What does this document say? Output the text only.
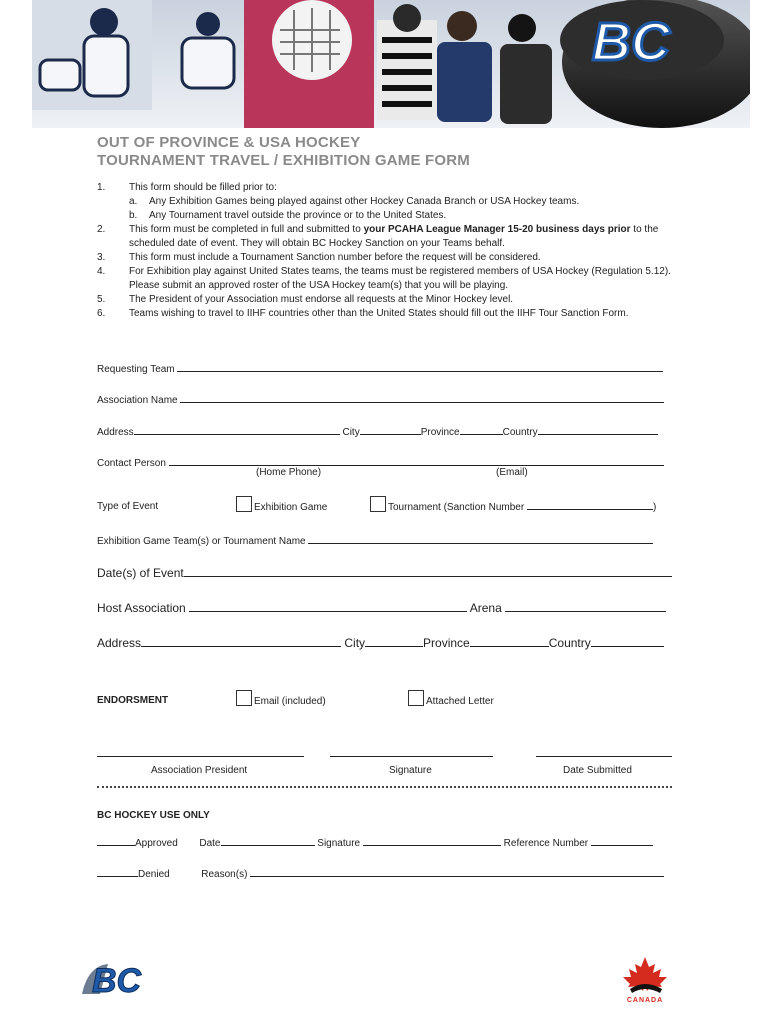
BC
OUT OF PROVINCE & USA HOCKEY
TOURNAMENT TRAVEL / EXHIBITION GAME FORM
1. This form should be filled prior to:
a. Any Exhibition Games being played against other Hockey Canada Branch or USA Hockey teams.
b. Any Tournament travel outside the province or to the United States.
2. This form must be completed in full and submitted to your PCAHA League Manager 15-20 business days prior to the scheduled date of event. They will obtain BC Hockey Sanction on your Teams behalf.
3. This form must include a Tournament Sanction number before the request will be considered.
4. For Exhibition play against United States teams, the teams must be registered members of USA Hockey (Regulation 5.12). Please submit an approved roster of the USA Hockey team(s) that you will be playing.
5. The President of your Association must endorse all requests at the Minor Hockey level.
6. Teams wishing to travel to IIHF countries other than the United States should fill out the IIHF Tour Sanction Form.
Requesting Team
Association Name
Address	City	Province	Country
Contact Person
(Home Phone)	(Email)
Type of Event	Exhibition Game	Tournament (Sanction Number	)
Exhibition Game Team(s) or Tournament Name
Date(s) of Event
Host Association	Arena
Address	City	Province	Country
ENDORSMENT	Email (included)	Attached Letter
Association President	Signature	Date Submitted
BC HOCKEY USE ONLY
Approved Date	Signature	Reference Number
Denied	Reason(s)
BC
CANADA
